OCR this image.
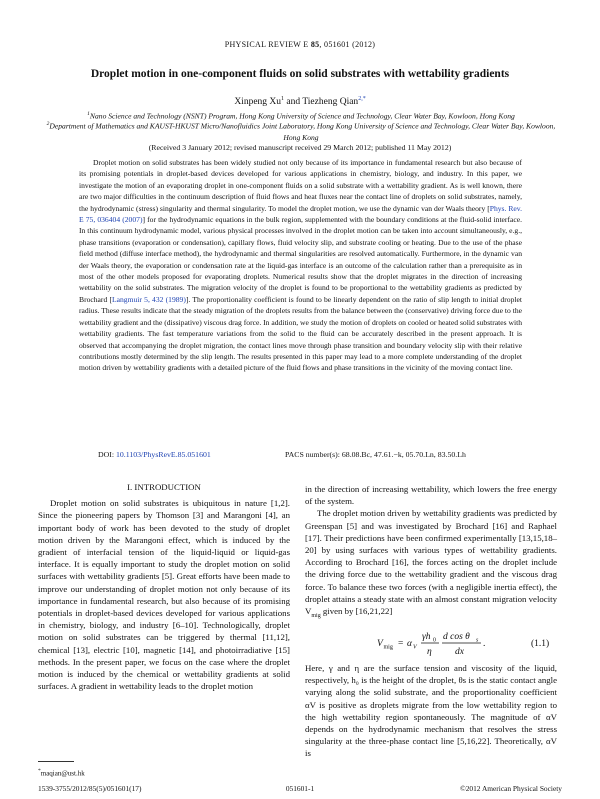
PHYSICAL REVIEW E 85, 051601 (2012)
Droplet motion in one-component fluids on solid substrates with wettability gradients
Xinpeng Xu$^1$ and Tiezheng Qian$^{2,*}$
$^1$Nano Science and Technology (NSNT) Program, Hong Kong University of Science and Technology, Clear Water Bay, Kowloon, Hong Kong
$^2$Department of Mathematics and KAUST-HKUST Micro/Nanofluidics Joint Laboratory, Hong Kong University of Science and Technology, Clear Water Bay, Kowloon, Hong Kong
(Received 3 January 2012; revised manuscript received 29 March 2012; published 11 May 2012)

Droplet motion on solid substrates has been widely studied not only because of its importance in fundamental research but also because of its promising potentials in droplet-based devices developed for various applications in chemistry, biology, and industry. In this paper, we investigate the motion of an evaporating droplet in one-component fluids on a solid substrate with a wettability gradient. As is well known, there are two major difficulties in the continuum description of fluid flows and heat fluxes near the contact line of droplets on solid substrates, namely, the hydrodynamic (stress) singularity and thermal singularity. To model the droplet motion, we use the dynamic van der Waals theory [Phys. Rev. E 75, 036404 (2007)] for the hydrodynamic equations in the bulk region, supplemented with the boundary conditions at the fluid-solid interface. In this continuum hydrodynamic model, various physical processes involved in the droplet motion can be taken into account simultaneously, e.g., phase transitions (evaporation or condensation), capillary flows, fluid velocity slip, and substrate cooling or heating. Due to the use of the phase field method (diffuse interface method), the hydrodynamic and thermal singularities are resolved automatically. Furthermore, in the dynamic van der Waals theory, the evaporation or condensation rate at the liquid-gas interface is an outcome of the calculation rather than a prerequisite as in most of the other models proposed for evaporating droplets. Numerical results show that the droplet migrates in the direction of increasing wettability on the solid substrates. The migration velocity of the droplet is found to be proportional to the wettability gradients as predicted by Brochard [Langmuir 5, 432 (1989)]. The proportionality coefficient is found to be linearly dependent on the ratio of slip length to initial droplet radius. These results indicate that the steady migration of the droplets results from the balance between the (conservative) driving force due to the wettability gradient and the (dissipative) viscous drag force. In addition, we study the motion of droplets on cooled or heated solid substrates with wettability gradients. The fast temperature variations from the solid to the fluid can be accurately described in the present approach. It is observed that accompanying the droplet migration, the contact lines move through phase transition and boundary velocity slip with their relative contributions mostly determined by the slip length. The results presented in this paper may lead to a more complete understanding of the droplet motion driven by wettability gradients with a detailed picture of the fluid flows and phase transitions in the vicinity of the moving contact line.

DOI: 10.1103/PhysRevE.85.051601	PACS number(s): 68.08.Bc, 47.61.−k, 05.70.Ln, 83.50.Lh
I. INTRODUCTION

Droplet motion on solid substrates is ubiquitous in nature [1,2]. Since the pioneering papers by Thomson [3] and Marangoni [4], an important body of work has been devoted to the study of droplet motion driven by the Marangoni effect, which is induced by the gradient of interfacial tension of the liquid-liquid or liquid-gas interface. It is equally important to study the droplet motion on solid surfaces with wettability gradients [5]. Great efforts have been made to improve our understanding of droplet motion not only because of its importance in fundamental research, but also because of its promising potentials in droplet-based devices developed for various applications in chemistry, biology, and industry [6–10]. Technologically, droplet motion on solid substrates can be triggered by thermal [11,12], chemical [13], electric [10], magnetic [14], and photoirradiative [15] methods. In the present paper, we focus on the case where the droplet motion is induced by the chemical or wettability gradients at solid surfaces. A gradient in wettability leads to the droplet motion

in the direction of increasing wettability, which lowers the free energy of the system.

The droplet motion driven by wettability gradients was predicted by Greenspan [5] and was investigated by Brochard [16] and Raphael [17]. Their predictions have been confirmed experimentally [13,15,18–20] by using surfaces with various types of wettability gradients. According to Brochard [16], the forces acting on the droplet include the driving force due to the wettability gradient and the viscous drag force. To balance these two forces (with a negligible inertia effect), the droplet attains a steady state with an almost constant migration velocity $V_{mig}$ given by [16,21,22]

V mig = α V
γh 0
η
d cos θ s
dx
.	(1.1)

Here, γ and η are the surface tension and viscosity of the liquid, respectively, h₀ is the height of the droplet, θs is the static contact angle varying along the solid substrate, and the proportionality coefficient αV is positive as droplets migrate from the low wettability region to the high wettability region spontaneously. The magnitude of αV depends on the hydrodynamic mechanism that resolves the stress singularity at the three-phase contact line [5,16,22]. Theoretically, αV is

*maqian@ust.hk
1539-3755/2012/85(5)/051601(17)	051601-1	©2012 American Physical Society
